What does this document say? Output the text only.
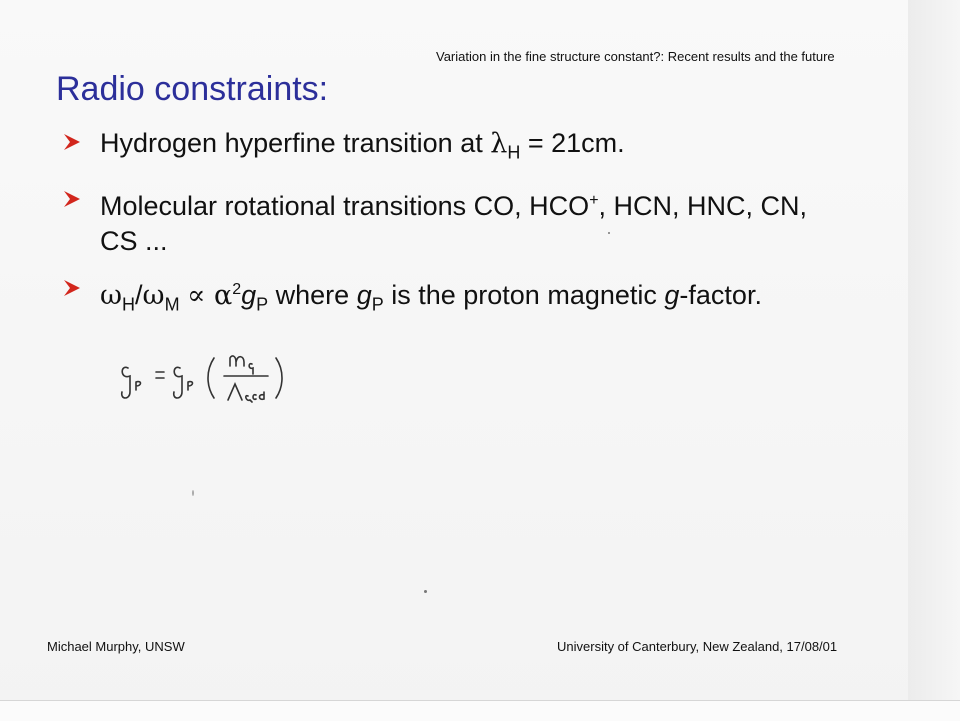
Variation in the fine structure constant?: Recent results and the future
Radio constraints:
Hydrogen hyperfine transition at $\lambda_H = 21cm$.
Molecular rotational transitions CO, HCO+, HCN, HNC, CN, CS ...
$\omega_H/\omega_M \propto \alpha^2g_P$ where $g_P$ is the proton magnetic g-factor.
Michael Murphy, UNSW	University of Canterbury, New Zealand, 17/08/01
